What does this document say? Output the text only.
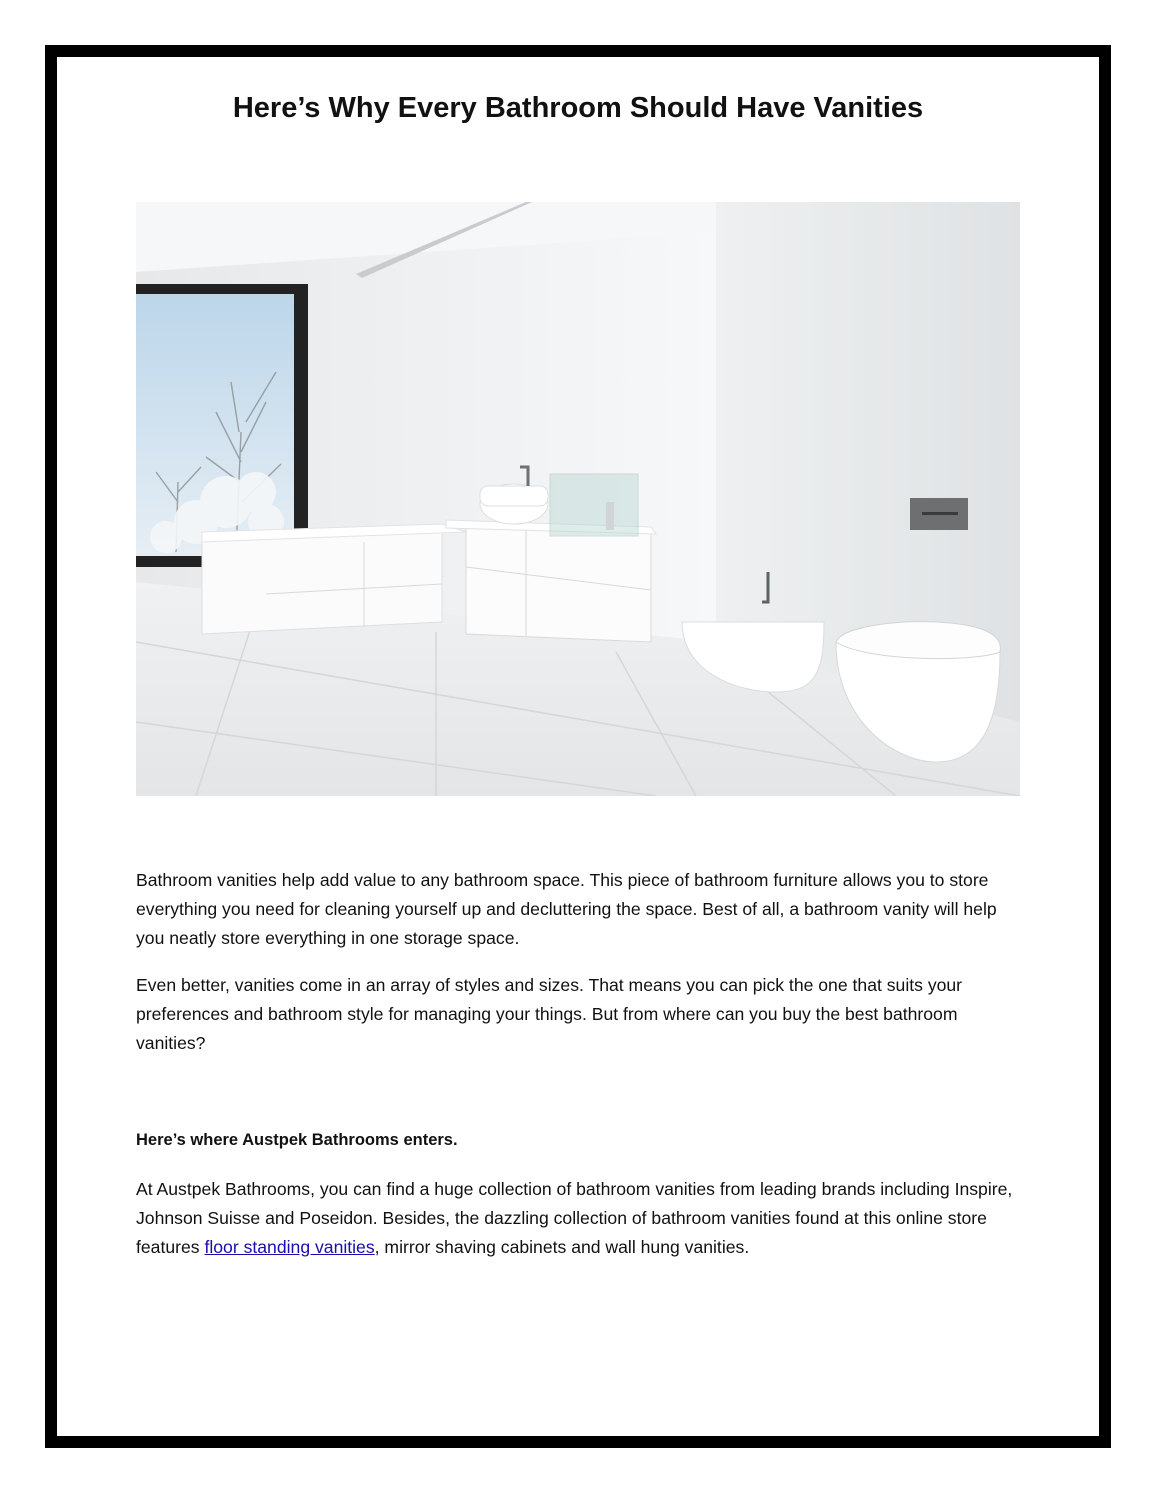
Here’s Why Every Bathroom Should Have Vanities

Bathroom vanities help add value to any bathroom space. This piece of bathroom furniture allows you to store everything you need for cleaning yourself up and decluttering the space. Best of all, a bathroom vanity will help you neatly store everything in one storage space.

Even better, vanities come in an array of styles and sizes. That means you can pick the one that suits your preferences and bathroom style for managing your things. But from where can you buy the best bathroom vanities?

Here’s where Austpek Bathrooms enters.

At Austpek Bathrooms, you can find a huge collection of bathroom vanities from leading brands including Inspire, Johnson Suisse and Poseidon. Besides, the dazzling collection of bathroom vanities found at this online store features floor standing vanities, mirror shaving cabinets and wall hung vanities.
